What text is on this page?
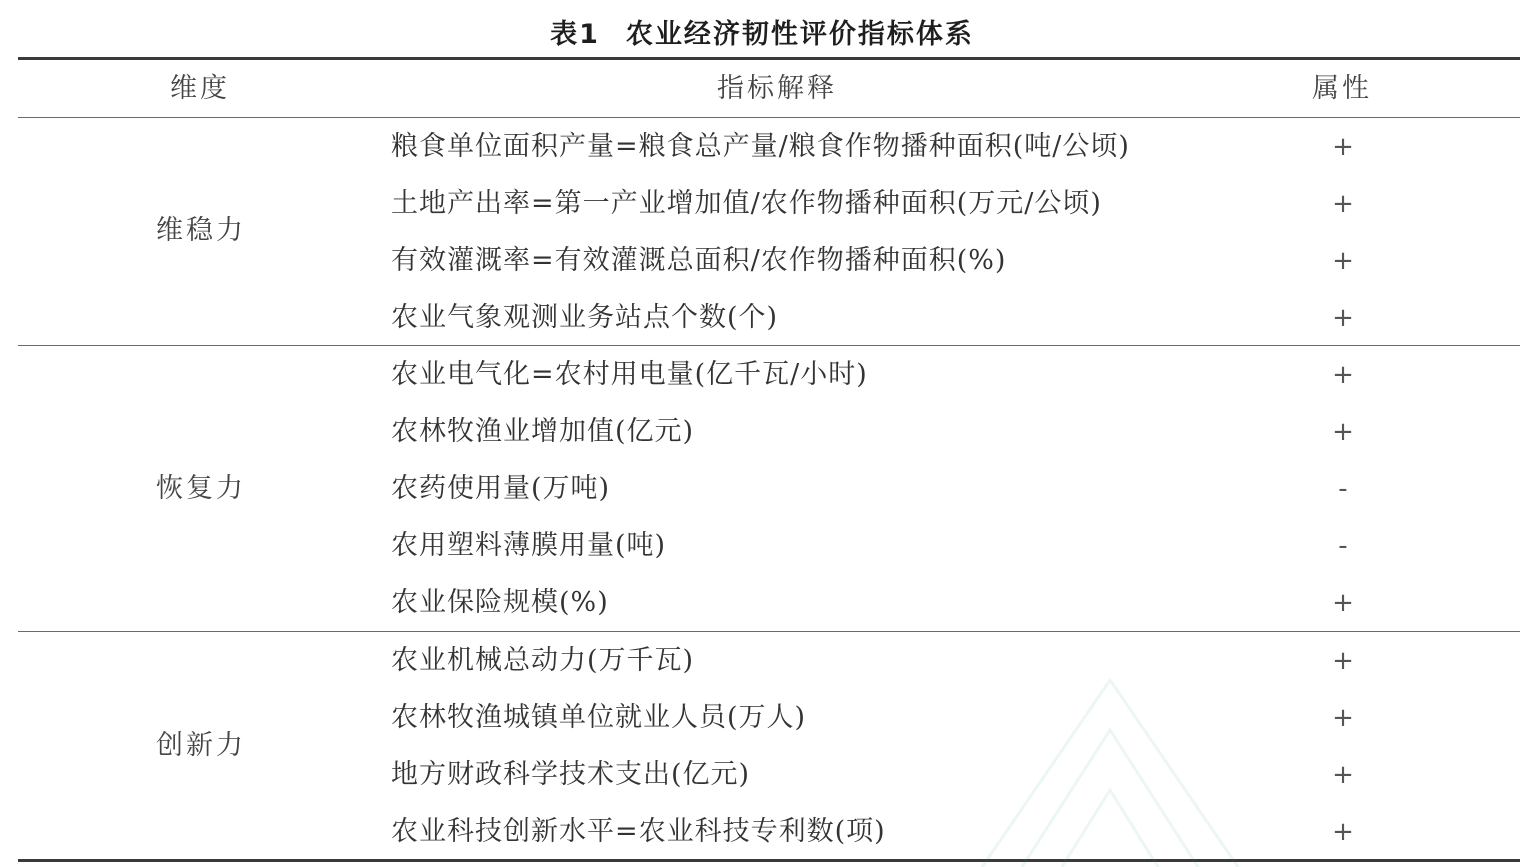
表1 农业经济韧性评价指标体系
维度	指标解释	属性
维稳力
粮食单位面积产量=粮食总产量/粮食作物播种面积(吨/公顷)	+
土地产出率=第一产业增加值/农作物播种面积(万元/公顷)	+
有效灌溉率=有效灌溉总面积/农作物播种面积(%)	+
农业气象观测业务站点个数(个)	+
恢复力
农业电气化=农村用电量(亿千瓦/小时)	+
农林牧渔业增加值(亿元)	+
农药使用量(万吨)	-
农用塑料薄膜用量(吨)	-
农业保险规模(%)	+
创新力
农业机械总动力(万千瓦)	+
农林牧渔城镇单位就业人员(万人)	+
地方财政科学技术支出(亿元)	+
农业科技创新水平=农业科技专利数(项)	+
